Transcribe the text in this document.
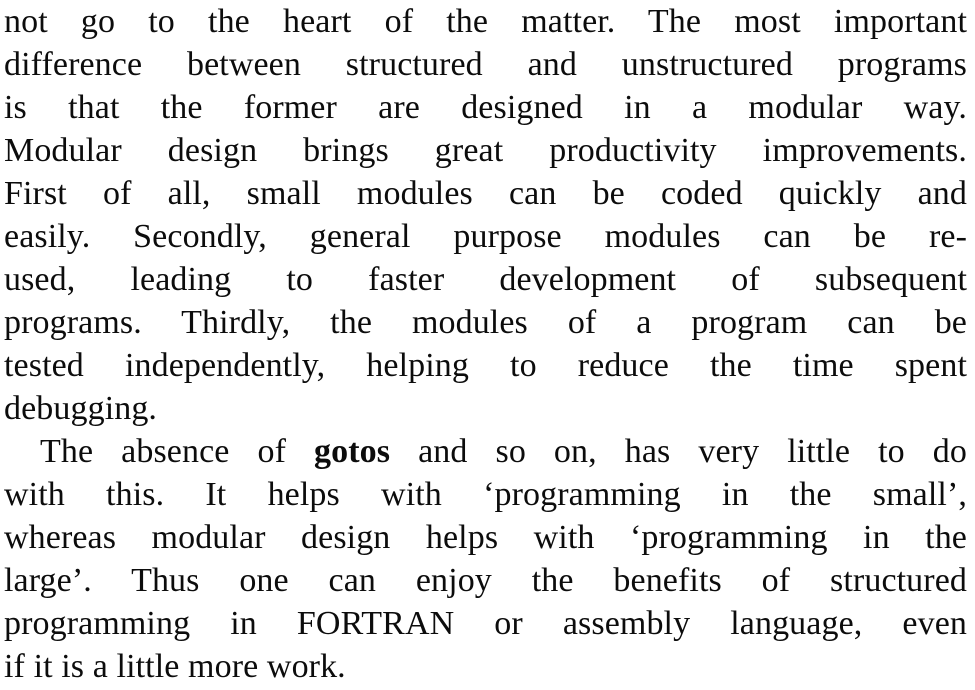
not go to the heart of the matter. The most important
difference between structured and unstructured programs
is that the former are designed in a modular way.
Modular design brings great productivity improvements.
First of all, small modules can be coded quickly and
easily. Secondly, general purpose modules can be re-
used, leading to faster development of subsequent
programs. Thirdly, the modules of a program can be
tested independently, helping to reduce the time spent
debugging.
The absence of gotos and so on, has very little to do
with this. It helps with ‘programming in the small’,
whereas modular design helps with ‘programming in the
large’. Thus one can enjoy the benefits of structured
programming in FORTRAN or assembly language, even
if it is a little more work.
